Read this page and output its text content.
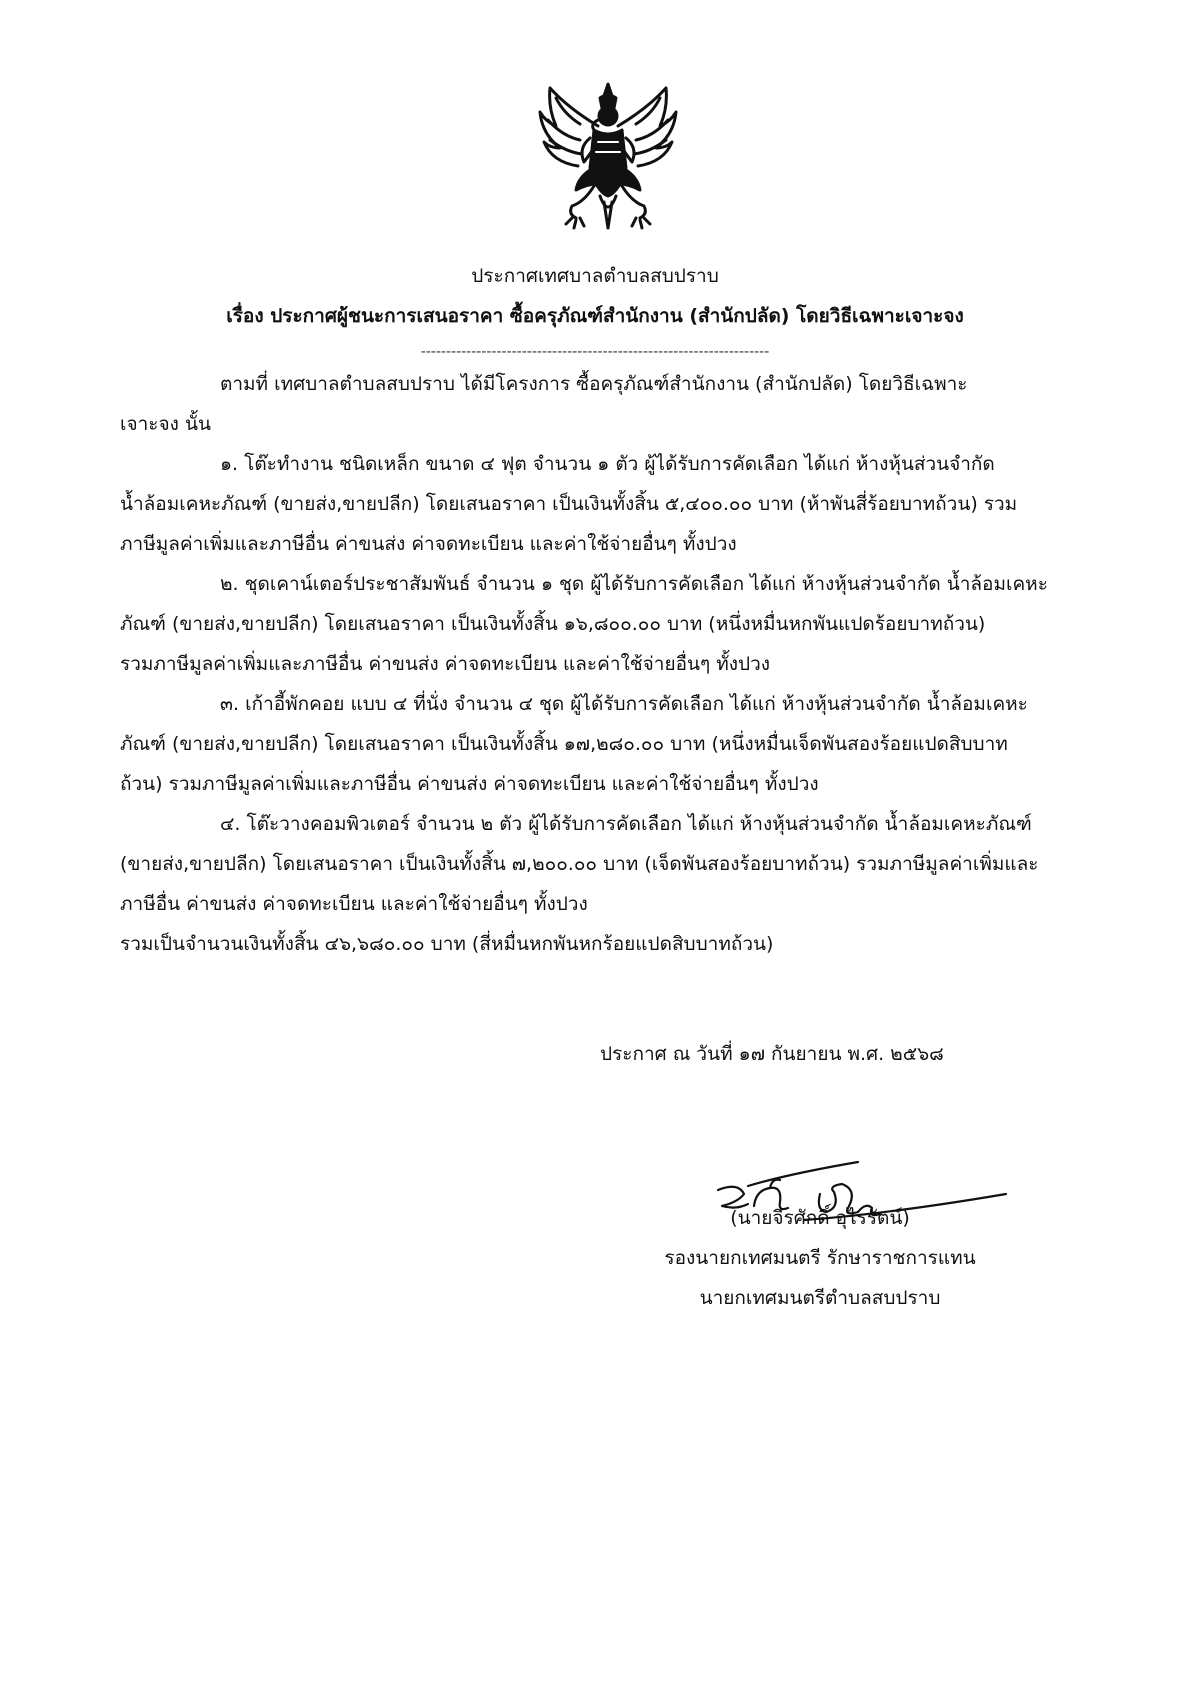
ประกาศเทศบาลตำบลสบปราบ
เรื่อง ประกาศผู้ชนะการเสนอราคา ซื้อครุภัณฑ์สำนักงาน (สำนักปลัด) โดยวิธีเฉพาะเจาะจง
---------------------------------------------------------------------
ตามที่ เทศบาลตำบลสบปราบ ได้มีโครงการ ซื้อครุภัณฑ์สำนักงาน (สำนักปลัด) โดยวิธีเฉพาะ
เจาะจง นั้น
๑. โต๊ะทำงาน ชนิดเหล็ก ขนาด ๔ ฟุต จำนวน ๑ ตัว ผู้ได้รับการคัดเลือก ได้แก่ ห้างหุ้นส่วนจำกัด
น้ำล้อมเคหะภัณฑ์ (ขายส่ง,ขายปลีก) โดยเสนอราคา เป็นเงินทั้งสิ้น ๕,๔๐๐.๐๐ บาท (ห้าพันสี่ร้อยบาทถ้วน) รวม
ภาษีมูลค่าเพิ่มและภาษีอื่น ค่าขนส่ง ค่าจดทะเบียน และค่าใช้จ่ายอื่นๆ ทั้งปวง
๒. ชุดเคาน์เตอร์ประชาสัมพันธ์ จำนวน ๑ ชุด ผู้ได้รับการคัดเลือก ได้แก่ ห้างหุ้นส่วนจำกัด น้ำล้อมเคหะ
ภัณฑ์ (ขายส่ง,ขายปลีก) โดยเสนอราคา เป็นเงินทั้งสิ้น ๑๖,๘๐๐.๐๐ บาท (หนึ่งหมื่นหกพันแปดร้อยบาทถ้วน)
รวมภาษีมูลค่าเพิ่มและภาษีอื่น ค่าขนส่ง ค่าจดทะเบียน และค่าใช้จ่ายอื่นๆ ทั้งปวง
๓. เก้าอี้พักคอย แบบ ๔ ที่นั่ง จำนวน ๔ ชุด ผู้ได้รับการคัดเลือก ได้แก่ ห้างหุ้นส่วนจำกัด น้ำล้อมเคหะ
ภัณฑ์ (ขายส่ง,ขายปลีก) โดยเสนอราคา เป็นเงินทั้งสิ้น ๑๗,๒๘๐.๐๐ บาท (หนึ่งหมื่นเจ็ดพันสองร้อยแปดสิบบาท
ถ้วน) รวมภาษีมูลค่าเพิ่มและภาษีอื่น ค่าขนส่ง ค่าจดทะเบียน และค่าใช้จ่ายอื่นๆ ทั้งปวง
๔. โต๊ะวางคอมพิวเตอร์ จำนวน ๒ ตัว ผู้ได้รับการคัดเลือก ได้แก่ ห้างหุ้นส่วนจำกัด น้ำล้อมเคหะภัณฑ์
(ขายส่ง,ขายปลีก) โดยเสนอราคา เป็นเงินทั้งสิ้น ๗,๒๐๐.๐๐ บาท (เจ็ดพันสองร้อยบาทถ้วน) รวมภาษีมูลค่าเพิ่มและ
ภาษีอื่น ค่าขนส่ง ค่าจดทะเบียน และค่าใช้จ่ายอื่นๆ ทั้งปวง
รวมเป็นจำนวนเงินทั้งสิ้น ๔๖,๖๘๐.๐๐ บาท (สี่หมื่นหกพันหกร้อยแปดสิบบาทถ้วน)
ประกาศ ณ วันที่ ๑๗ กันยายน พ.ศ. ๒๕๖๘
(นายจีรศักดิ์ อุไรรัตน์)
รองนายกเทศมนตรี รักษาราชการแทน
นายกเทศมนตรีตำบลสบปราบ
